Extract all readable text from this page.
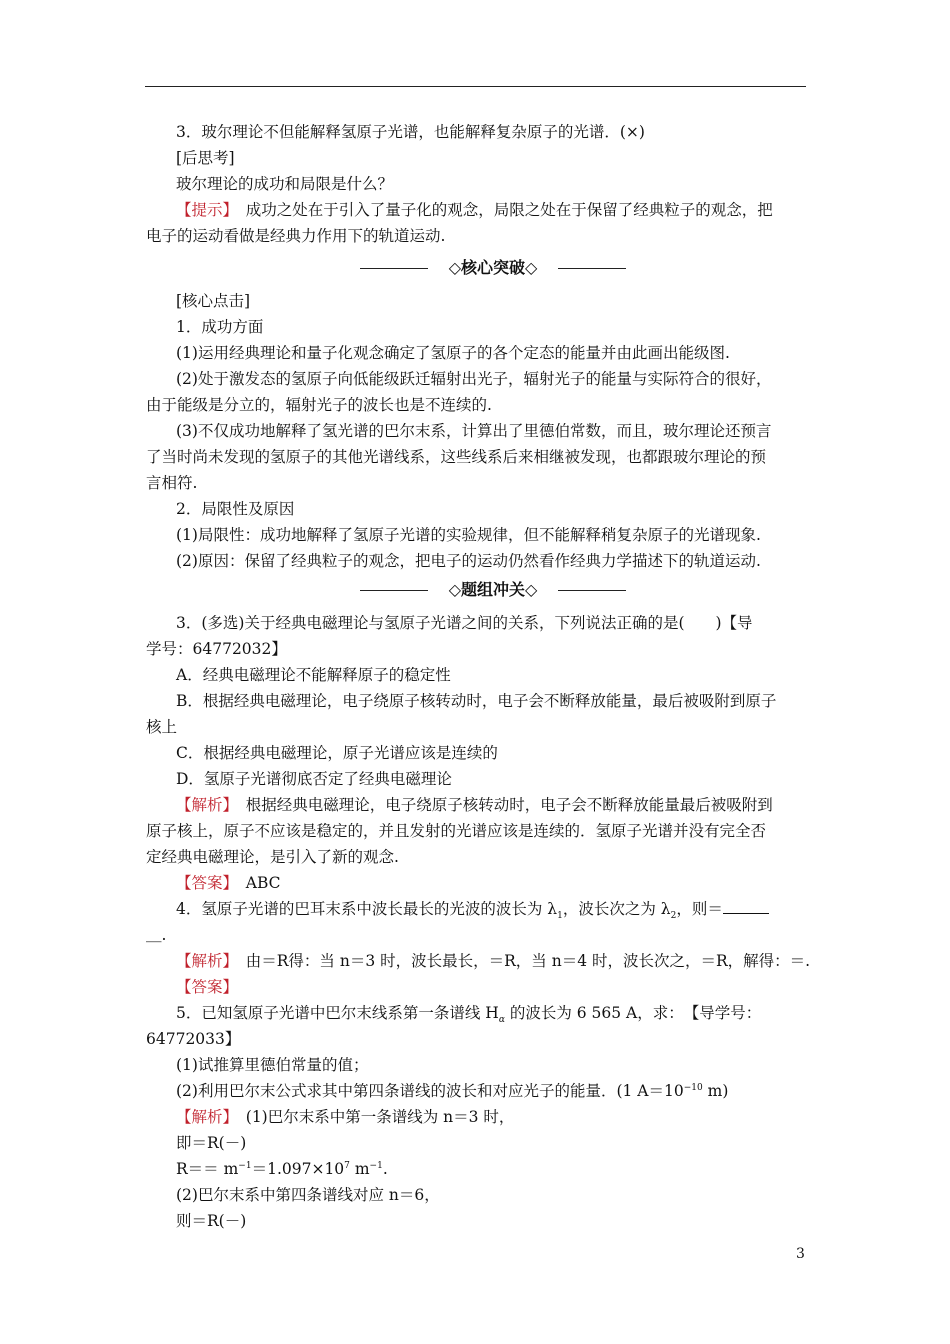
3．玻尔理论不但能解释氢原子光谱，也能解释复杂原子的光谱．(×)
[后思考]
玻尔理论的成功和局限是什么？
【提示】　成功之处在于引入了量子化的观念，局限之处在于保留了经典粒子的观念，把
电子的运动看做是经典力作用下的轨道运动.
◇核心突破◇
[核心点击]
1．成功方面
(1)运用经典理论和量子化观念确定了氢原子的各个定态的能量并由此画出能级图.
(2)处于激发态的氢原子向低能级跃迁辐射出光子，辐射光子的能量与实际符合的很好，
由于能级是分立的，辐射光子的波长也是不连续的.
(3)不仅成功地解释了氢光谱的巴尔末系，计算出了里德伯常数，而且，玻尔理论还预言
了当时尚未发现的氢原子的其他光谱线系，这些线系后来相继被发现，也都跟玻尔理论的预
言相符.
2．局限性及原因
(1)局限性：成功地解释了氢原子光谱的实验规律，但不能解释稍复杂原子的光谱现象.
(2)原因：保留了经典粒子的观念，把电子的运动仍然看作经典力学描述下的轨道运动.
◇题组冲关◇
3．(多选)关于经典电磁理论与氢原子光谱之间的关系，下列说法正确的是(　　)【导
学号：64772032】
A．经典电磁理论不能解释原子的稳定性
B．根据经典电磁理论，电子绕原子核转动时，电子会不断释放能量，最后被吸附到原子
核上
C．根据经典电磁理论，原子光谱应该是连续的
D．氢原子光谱彻底否定了经典电磁理论
【解析】　根据经典电磁理论，电子绕原子核转动时，电子会不断释放能量最后被吸附到
原子核上，原子不应该是稳定的，并且发射的光谱应该是连续的．氢原子光谱并没有完全否
定经典电磁理论，是引入了新的观念.
【答案】　ABC
4．氢原子光谱的巴耳末系中波长最长的光波的波长为 $\lambda_1$，波长次之为 $\lambda_2$，则＝
＿.
【解析】　由＝R得：当 n＝3 时，波长最长，＝R，当 n＝4 时，波长次之，＝R，解得：＝.
【答案】
5．已知氢原子光谱中巴尔末线系第一条谱线 $H_\alpha$ 的波长为 6 565 A，求：　【导学号：
64772033】
(1)试推算里德伯常量的值；
(2)利用巴尔末公式求其中第四条谱线的波长和对应光子的能量．(1 $A=10^{-10}$ m)
【解析】　(1)巴尔末系中第一条谱线为 n＝3 时，
即＝R(－)
$R== m^{-1}=1.097\times 10^7$ $m^{-1}$.
(2)巴尔末系中第四条谱线对应 n＝6，
则＝R(－)
3
